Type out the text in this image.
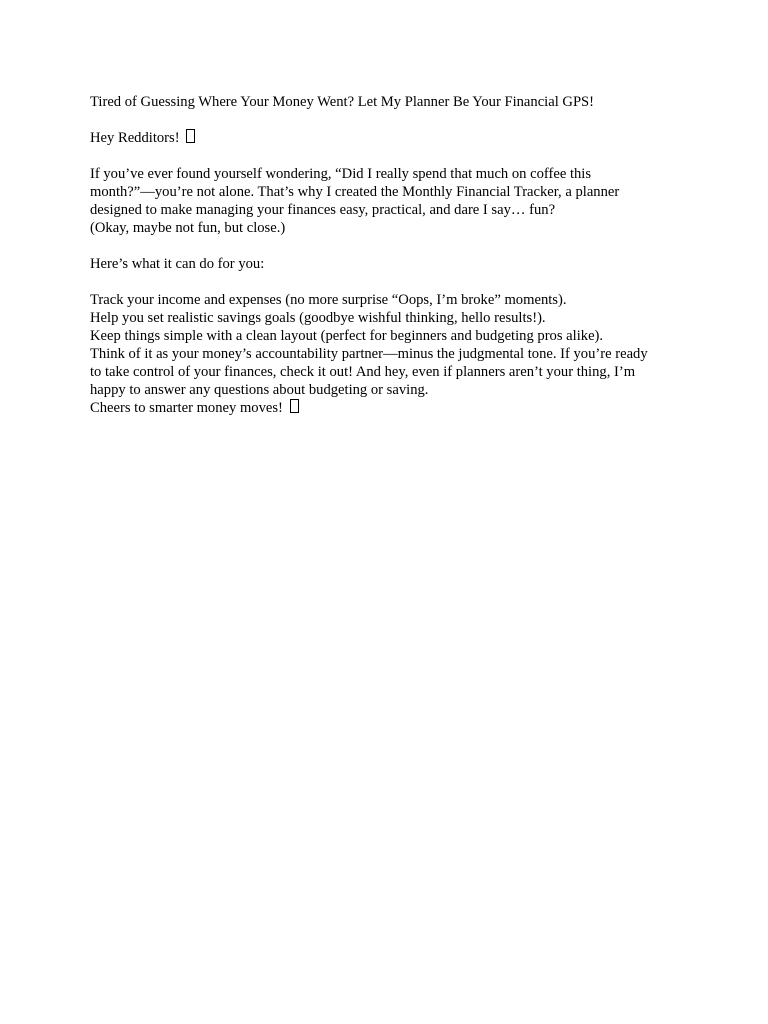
Tired of Guessing Where Your Money Went? Let My Planner Be Your Financial GPS!

Hey Redditors!

If you’ve ever found yourself wondering, “Did I really spend that much on coffee this
month?”—you’re not alone. That’s why I created the Monthly Financial Tracker, a planner
designed to make managing your finances easy, practical, and dare I say… fun?
(Okay, maybe not fun, but close.)

Here’s what it can do for you:

Track your income and expenses (no more surprise “Oops, I’m broke” moments).
Help you set realistic savings goals (goodbye wishful thinking, hello results!).
Keep things simple with a clean layout (perfect for beginners and budgeting pros alike).
Think of it as your money’s accountability partner—minus the judgmental tone. If you’re ready
to take control of your finances, check it out! And hey, even if planners aren’t your thing, I’m
happy to answer any questions about budgeting or saving.
Cheers to smarter money moves!
